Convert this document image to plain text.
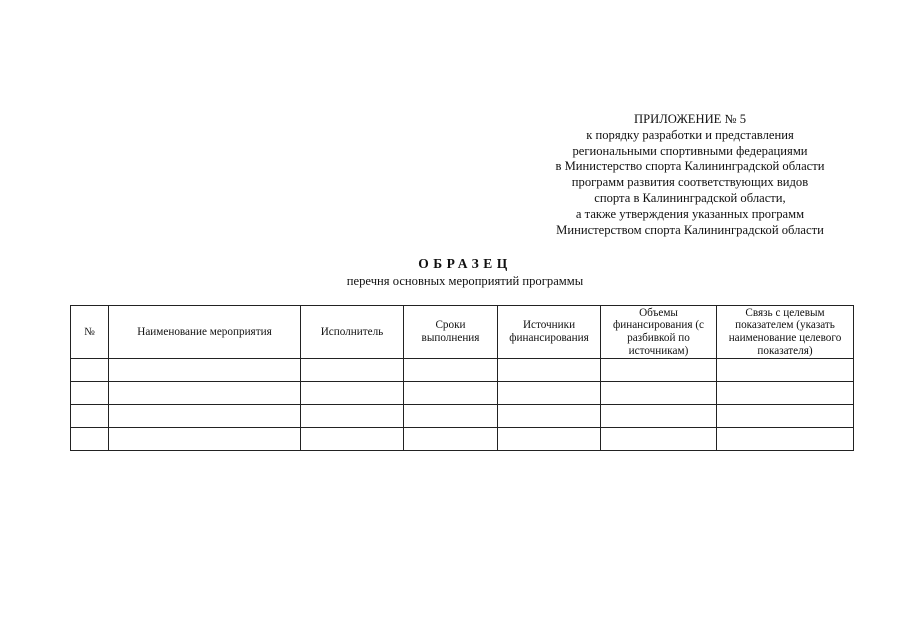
ПРИЛОЖЕНИЕ № 5
к порядку разработки и представления
региональными спортивными федерациями
в Министерство спорта Калининградской области
программ развития соответствующих видов
спорта в Калининградской области,
а также утверждения указанных программ
Министерством спорта Калининградской области
ОБРАЗЕЦ
перечня основных мероприятий программы
№	Наименование мероприятия	Исполнитель	Сроки выполнения	Источники финансирования	Объемы финансирования (с разбивкой по источникам)	Связь с целевым показателем (указать наименование целевого показателя)
